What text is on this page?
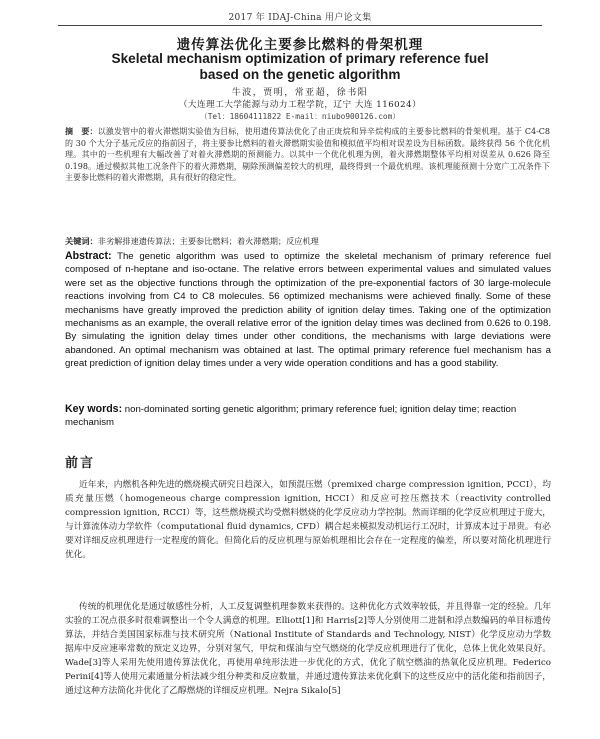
2017 年 IDAJ-China 用户论文集
遗传算法优化主要参比燃料的骨架机理
Skeletal mechanism optimization of primary reference fuel
based on the genetic algorithm
牛波，贾明，常亚超，徐书阳
（大连理工大学能源与动力工程学院，辽宁 大连 116024）
（Tel：18604111822 E-mail：niubo900126.com）
摘　要：以激发管中的着火滞燃期实验值为目标，使用遗传算法优化了由正庚烷和异辛烷构成的主要参比燃料的骨架机理。基于 C4-C8 的 30 个大分子基元反应的指前因子，将主要参比燃料的着火滞燃期实验值和模拟值平均相对误差设为目标函数。最终获得 56 个优化机理。其中的一些机理有大幅改善了对着火滞燃期的预测能力。以其中一个优化机理为例，着火滞燃期整体平均相对误差从 0.626 降至 0.198。通过模拟其他工况条件下的着火滞燃期，剔除预测偏差较大的机理，最终得到一个最优机理。该机理能预测十分宽广工况条件下主要参比燃料的着火滞燃期，具有很好的稳定性。
关键词：非劣解排速遗传算法；主要参比燃料；着火滞燃期；反应机理
Abstract: The genetic algorithm was used to optimize the skeletal mechanism of primary reference fuel composed of n-heptane and iso-octane. The relative errors between experimental values and simulated values were set as the objective functions through the optimization of the pre-exponential factors of 30 large-molecule reactions involving from C4 to C8 molecules. 56 optimized mechanisms were achieved finally. Some of these mechanisms have greatly improved the prediction ability of ignition delay times. Taking one of the optimization mechanisms as an example, the overall relative error of the ignition delay times was declined from 0.626 to 0.198. By simulating the ignition delay times under other conditions, the mechanisms with large deviations were abandoned. An optimal mechanism was obtained at last. The optimal primary reference fuel mechanism has a great prediction of ignition delay times under a very wide operation conditions and has a good stability.
Key words: non-dominated sorting genetic algorithm; primary reference fuel; ignition delay time; reaction mechanism
前言
近年来，内燃机各种先进的燃烧模式研究日趋深入，如预混压燃（premixed charge compression ignition, PCCI），均质充量压燃（homogeneous charge compression ignition, HCCI）和反应可控压燃技术（reactivity controlled compression ignition, RCCI）等，这些燃烧模式均受燃料燃烧的化学反应动力学控制。然而详细的化学反应机理过于庞大，与计算流体动力学软件（computational fluid dynamics, CFD）耦合起来模拟发动机运行工况时，计算成本过于昂贵。有必要对详细反应机理进行一定程度的简化。但简化后的反应机理与原始机理相比会存在一定程度的偏差，所以要对简化机理进行优化。
传统的机理优化是通过敏感性分析，人工反复调整机理参数来获得的。这种优化方式效率较低，并且得靠一定的经验。几年实验的工况点很多时很难调整出一个令人满意的机理。Elliott[1]和 Harris[2]等人分别使用二进制和浮点数编码的单目标遗传算法，并结合美国国家标准与技术研究所（National Institute of Standards and Technology, NIST）化学反应动力学数据库中反应速率常数的预定义边界，分别对氢气，甲烷和煤油与空气燃烧的化学反应机理进行了优化，总体上优化效果良好。Wade[3]等人采用先使用遗传算法优化，再使用单纯形法进一步优化的方式，优化了航空燃油的热氧化反应机理。Federico Perini[4]等人使用元素通量分析法减少组分种类和反应数量，并通过遗传算法来优化剩下的这些反应中的活化能和指前因子，通过这种方法简化并优化了乙醇燃烧的详细反应机理。Nejra Sikalo[5]
